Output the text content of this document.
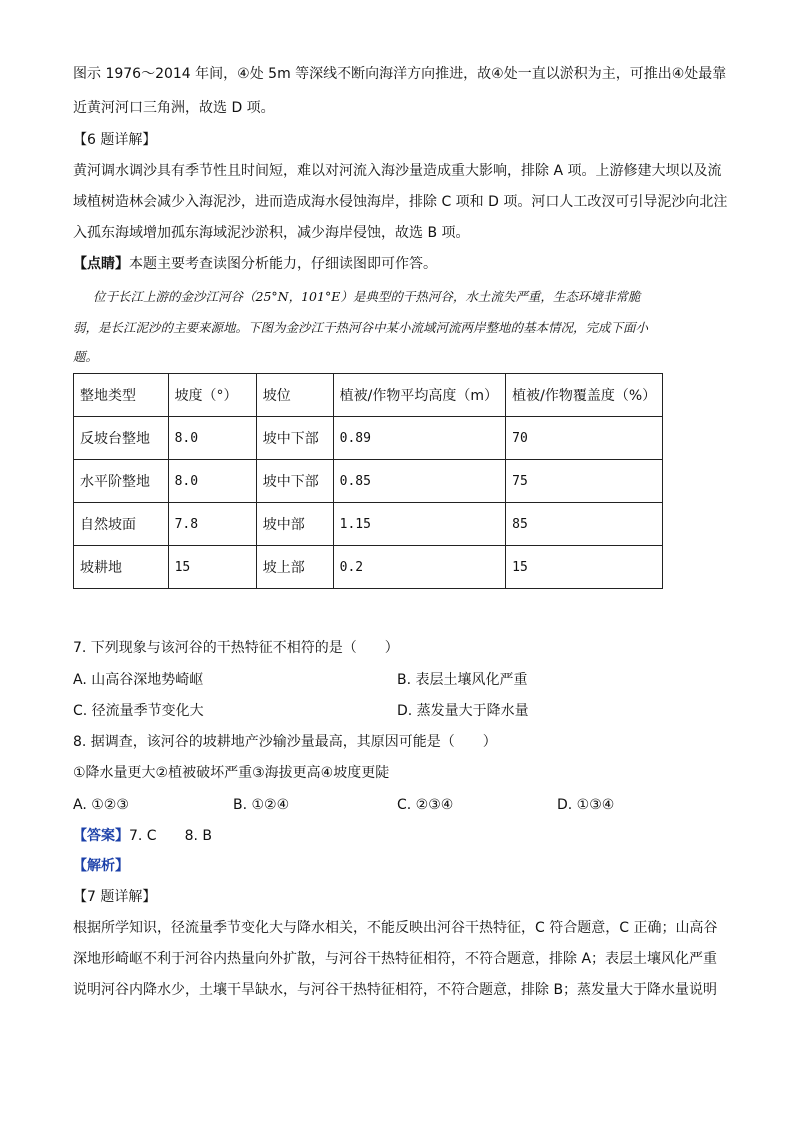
图示 1976～2014 年间，④处 5m 等深线不断向海洋方向推进，故④处一直以淤积为主，可推出④处最靠
近黄河河口三角洲，故选 D 项。
【6 题详解】
黄河调水调沙具有季节性且时间短，难以对河流入海沙量造成重大影响，排除 A 项。上游修建大坝以及流
域植树造林会减少入海泥沙，进而造成海水侵蚀海岸，排除 C 项和 D 项。河口人工改汊可引导泥沙向北注
入孤东海域增加孤东海域泥沙淤积，减少海岸侵蚀，故选 B 项。
【点睛】本题主要考查读图分析能力，仔细读图即可作答。
位于长江上游的金沙江河谷（25°N，101°E）是典型的干热河谷，水土流失严重，生态环境非常脆
弱，是长江泥沙的主要来源地。下图为金沙江干热河谷中某小流域河流两岸整地的基本情况，完成下面小
题。
整地类型	坡度（°）	坡位	植被/作物平均高度（m）	植被/作物覆盖度（%）
反坡台整地	8.0	坡中下部	0.89	70
水平阶整地	8.0	坡中下部	0.85	75
自然坡面	7.8	坡中部	1.15	85
坡耕地	15	坡上部	0.2	15
7. 下列现象与该河谷的干热特征不相符的是（　　）
A. 山高谷深地势崎岖	B. 表层土壤风化严重
C. 径流量季节变化大	D. 蒸发量大于降水量
8. 据调查，该河谷的坡耕地产沙输沙量最高，其原因可能是（　　）
①降水量更大②植被破坏严重③海拔更高④坡度更陡
A. ①②③	B. ①②④	C. ②③④	D. ①③④
【答案】7. C　　8. B
【解析】
【7 题详解】
根据所学知识，径流量季节变化大与降水相关，不能反映出河谷干热特征，C 符合题意，C 正确；山高谷
深地形崎岖不利于河谷内热量向外扩散，与河谷干热特征相符，不符合题意，排除 A；表层土壤风化严重
说明河谷内降水少，土壤干旱缺水，与河谷干热特征相符，不符合题意，排除 B；蒸发量大于降水量说明
